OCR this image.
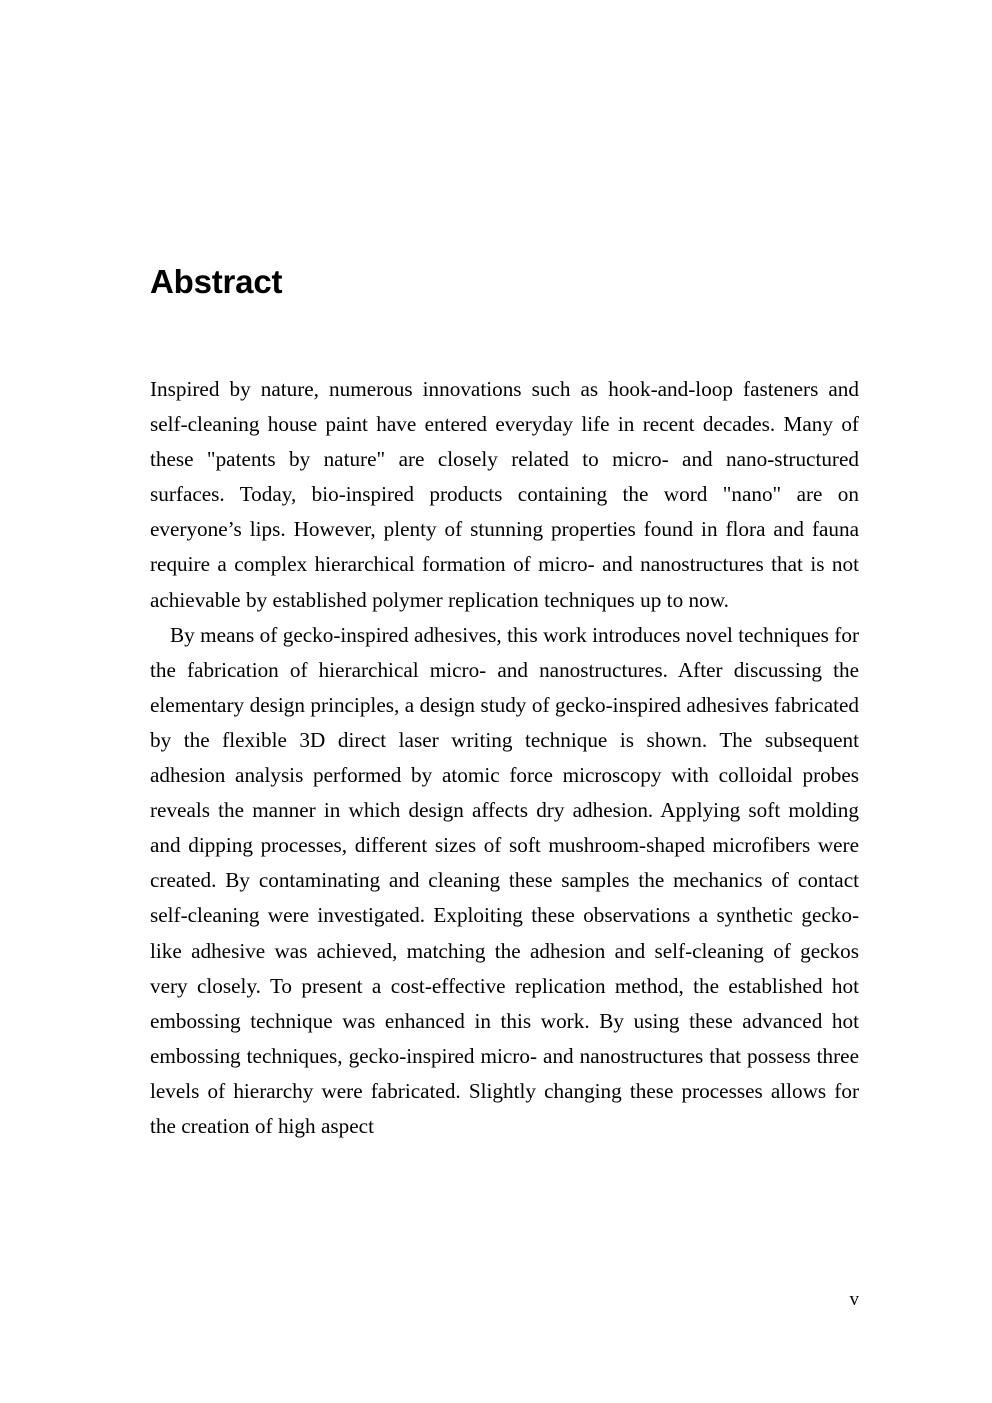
Abstract

Inspired by nature, numerous innovations such as hook-and-loop fasteners and self-cleaning house paint have entered everyday life in recent decades. Many of these "patents by nature" are closely related to micro- and nano-structured surfaces. Today, bio-inspired products containing the word "nano" are on everyone’s lips. However, plenty of stunning properties found in flora and fauna require a complex hierarchical formation of micro- and nanostructures that is not achievable by established polymer replication techniques up to now.

By means of gecko-inspired adhesives, this work introduces novel techniques for the fabrication of hierarchical micro- and nanostructures. After discussing the elementary design principles, a design study of gecko-inspired adhesives fabricated by the flexible 3D direct laser writing technique is shown. The subsequent adhesion analysis performed by atomic force microscopy with colloidal probes reveals the manner in which design affects dry adhesion. Applying soft molding and dipping processes, different sizes of soft mushroom-shaped microfibers were created. By contaminating and cleaning these samples the mechanics of contact self-cleaning were investigated. Exploiting these observations a synthetic gecko-like adhesive was achieved, matching the adhesion and self-cleaning of geckos very closely. To present a cost-effective replication method, the established hot embossing technique was enhanced in this work. By using these advanced hot embossing techniques, gecko-inspired micro- and nanostructures that possess three levels of hierarchy were fabricated. Slightly changing these processes allows for the creation of high aspect

v
